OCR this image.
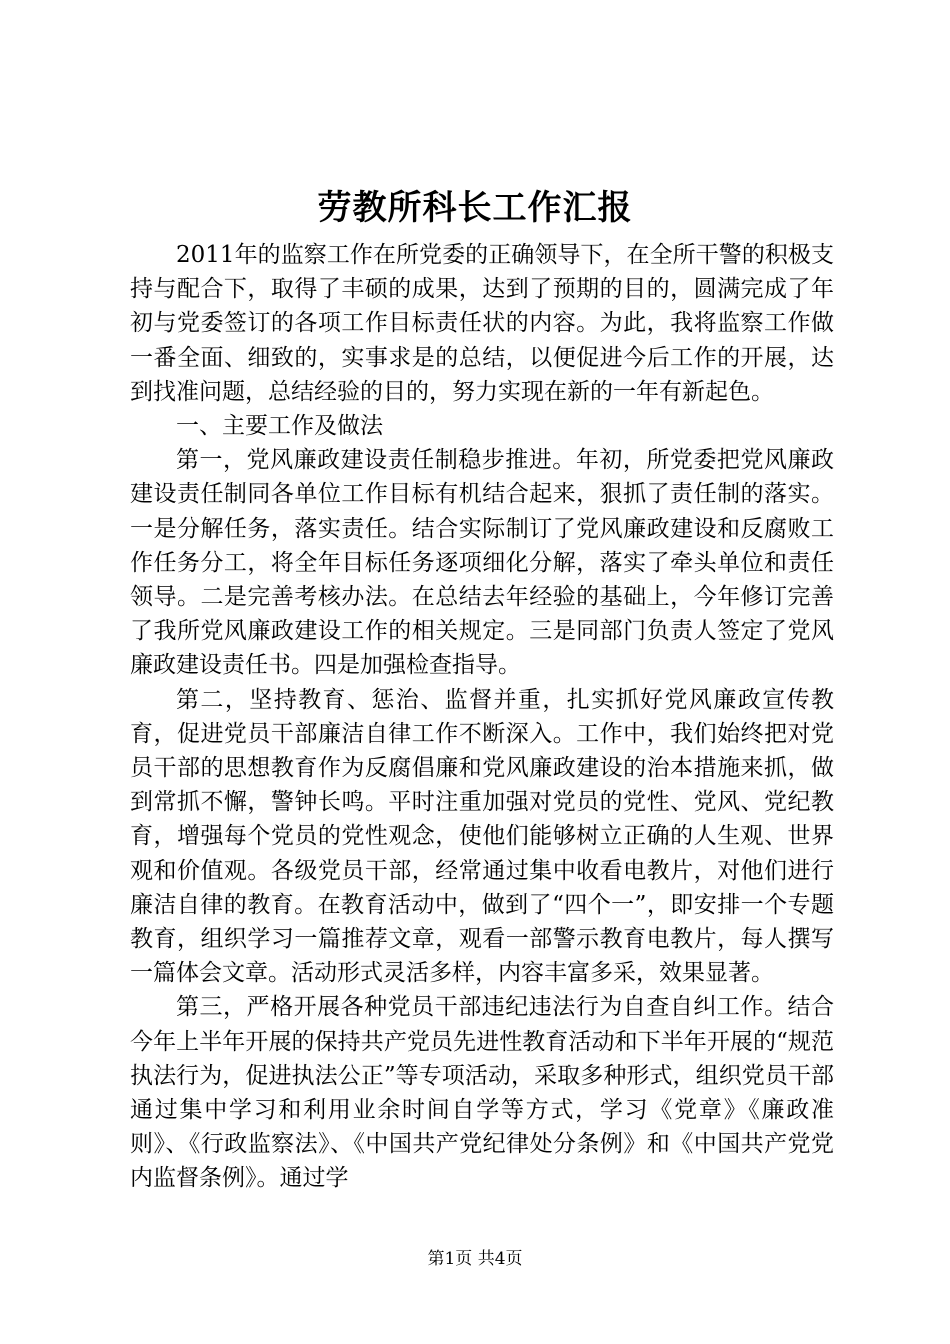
劳教所科长工作汇报

2011年的监察工作在所党委的正确领导下，在全所干警的积极支持与配合下，取得了丰硕的成果，达到了预期的目的，圆满完成了年初与党委签订的各项工作目标责任状的内容。为此，我将监察工作做一番全面、细致的，实事求是的总结，以便促进今后工作的开展，达到找准问题，总结经验的目的，努力实现在新的一年有新起色。

一、主要工作及做法

第一，党风廉政建设责任制稳步推进。年初，所党委把党风廉政建设责任制同各单位工作目标有机结合起来，狠抓了责任制的落实。一是分解任务，落实责任。结合实际制订了党风廉政建设和反腐败工作任务分工，将全年目标任务逐项细化分解，落实了牵头单位和责任领导。二是完善考核办法。在总结去年经验的基础上，今年修订完善了我所党风廉政建设工作的相关规定。三是同部门负责人签定了党风廉政建设责任书。四是加强检查指导。

第二，坚持教育、惩治、监督并重，扎实抓好党风廉政宣传教育，促进党员干部廉洁自律工作不断深入。工作中，我们始终把对党员干部的思想教育作为反腐倡廉和党风廉政建设的治本措施来抓，做到常抓不懈，警钟长鸣。平时注重加强对党员的党性、党风、党纪教育，增强每个党员的党性观念，使他们能够树立正确的人生观、世界观和价值观。各级党员干部，经常通过集中收看电教片，对他们进行廉洁自律的教育。在教育活动中，做到了“四个一”，即安排一个专题教育，组织学习一篇推荐文章，观看一部警示教育电教片，每人撰写一篇体会文章。活动形式灵活多样，内容丰富多采，效果显著。

第三，严格开展各种党员干部违纪违法行为自查自纠工作。结合今年上半年开展的保持共产党员先进性教育活动和下半年开展的“规范执法行为，促进执法公正”等专项活动，采取多种形式，组织党员干部通过集中学习和利用业余时间自学等方式，学习《党章》《廉政准则》、《行政监察法》、《中国共产党纪律处分条例》和《中国共产党党内监督条例》。通过学

第1页 共4页
